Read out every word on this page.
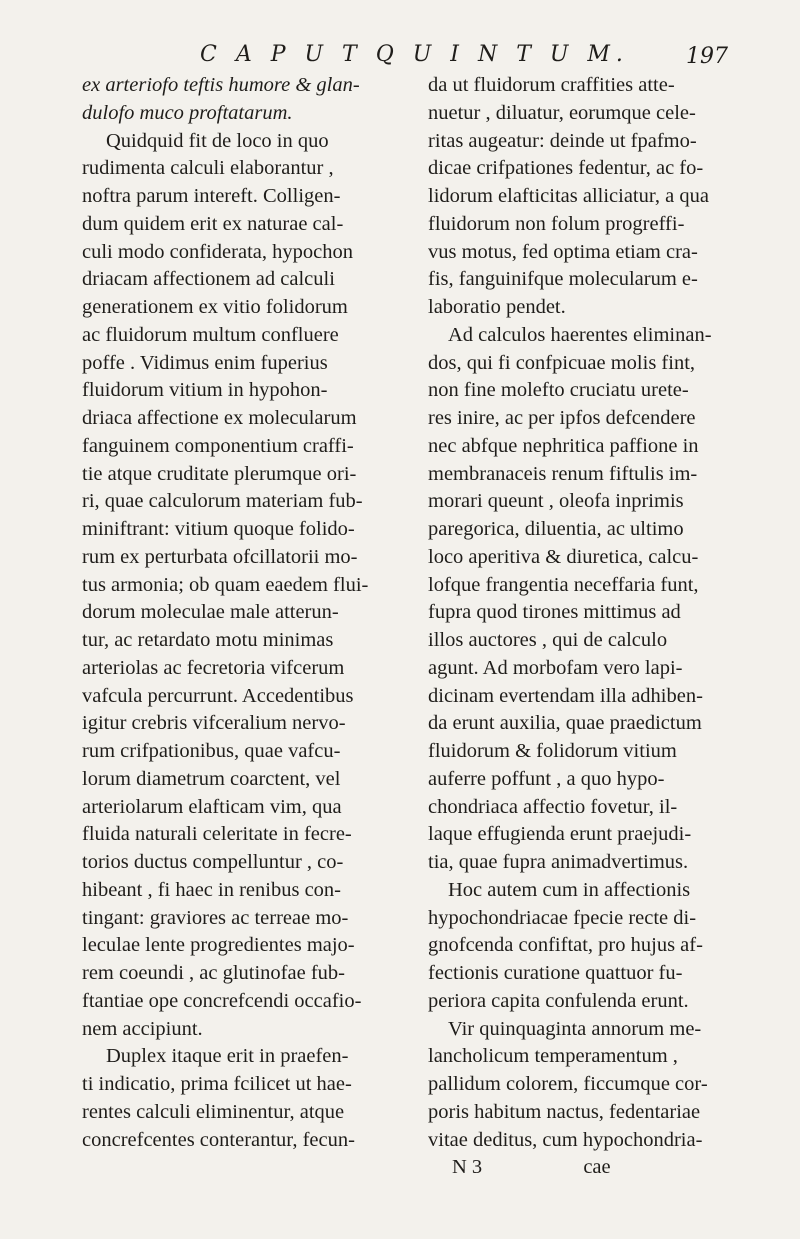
C A P U T Q U I N T U M.	197
ex arteriofo teftis humore & glan-
dulofo muco proftatarum.
Quidquid fit de loco in quo
rudimenta calculi elaborantur ,
noftra parum intereft. Colligen-
dum quidem erit ex naturae cal-
culi modo confiderata, hypochon
driacam affectionem ad calculi
generationem ex vitio folidorum
ac fluidorum multum confluere
poffe . Vidimus enim fuperius
fluidorum vitium in hypohon-
driaca affectione ex molecularum
fanguinem componentium craffi-
tie atque cruditate plerumque ori-
ri, quae calculorum materiam fub-
miniftrant: vitium quoque folido-
rum ex perturbata ofcillatorii mo-
tus armonia; ob quam eaedem flui-
dorum moleculae male atterun-
tur, ac retardato motu minimas
arteriolas ac fecretoria vifcerum
vafcula percurrunt. Accedentibus
igitur crebris vifceralium nervo-
rum crifpationibus, quae vafcu-
lorum diametrum coarctent, vel
arteriolarum elafticam vim, qua
fluida naturali celeritate in fecre-
torios ductus compelluntur , co-
hibeant , fi haec in renibus con-
tingant: graviores ac terreae mo-
leculae lente progredientes majo-
rem coeundi , ac glutinofae fub-
ftantiae ope concrefcendi occafio-
nem accipiunt.
Duplex itaque erit in praefen-
ti indicatio, prima fcilicet ut hae-
rentes calculi eliminentur, atque
concrefcentes conterantur, fecun-
da ut fluidorum craffities atte-
nuetur , diluatur, eorumque cele-
ritas augeatur: deinde ut fpafmo-
dicae crifpationes fedentur, ac fo-
lidorum elafticitas alliciatur, a qua
fluidorum non folum progreffi-
vus motus, fed optima etiam cra-
fis, fanguinifque molecularum e-
laboratio pendet.
Ad calculos haerentes eliminan-
dos, qui fi confpicuae molis fint,
non fine molefto cruciatu urete-
res inire, ac per ipfos defcendere
nec abfque nephritica paffione in
membranaceis renum fiftulis im-
morari queunt , oleofa inprimis
paregorica, diluentia, ac ultimo
loco aperitiva & diuretica, calcu-
lofque frangentia neceffaria funt,
fupra quod tirones mittimus ad
illos auctores , qui de calculo
agunt. Ad morbofam vero lapi-
dicinam evertendam illa adhiben-
da erunt auxilia, quae praedictum
fluidorum & folidorum vitium
auferre poffunt , a quo hypo-
chondriaca affectio fovetur, il-
laque effugienda erunt praejudi-
tia, quae fupra animadvertimus.
Hoc autem cum in affectionis
hypochondriacae fpecie recte di-
gnofcenda confiftat, pro hujus af-
fectionis curatione quattuor fu-
periora capita confulenda erunt.
Vir quinquaginta annorum me-
lancholicum temperamentum ,
pallidum colorem, ficcumque cor-
poris habitum nactus, fedentariae
vitae deditus, cum hypochondria-
N 3	cae
